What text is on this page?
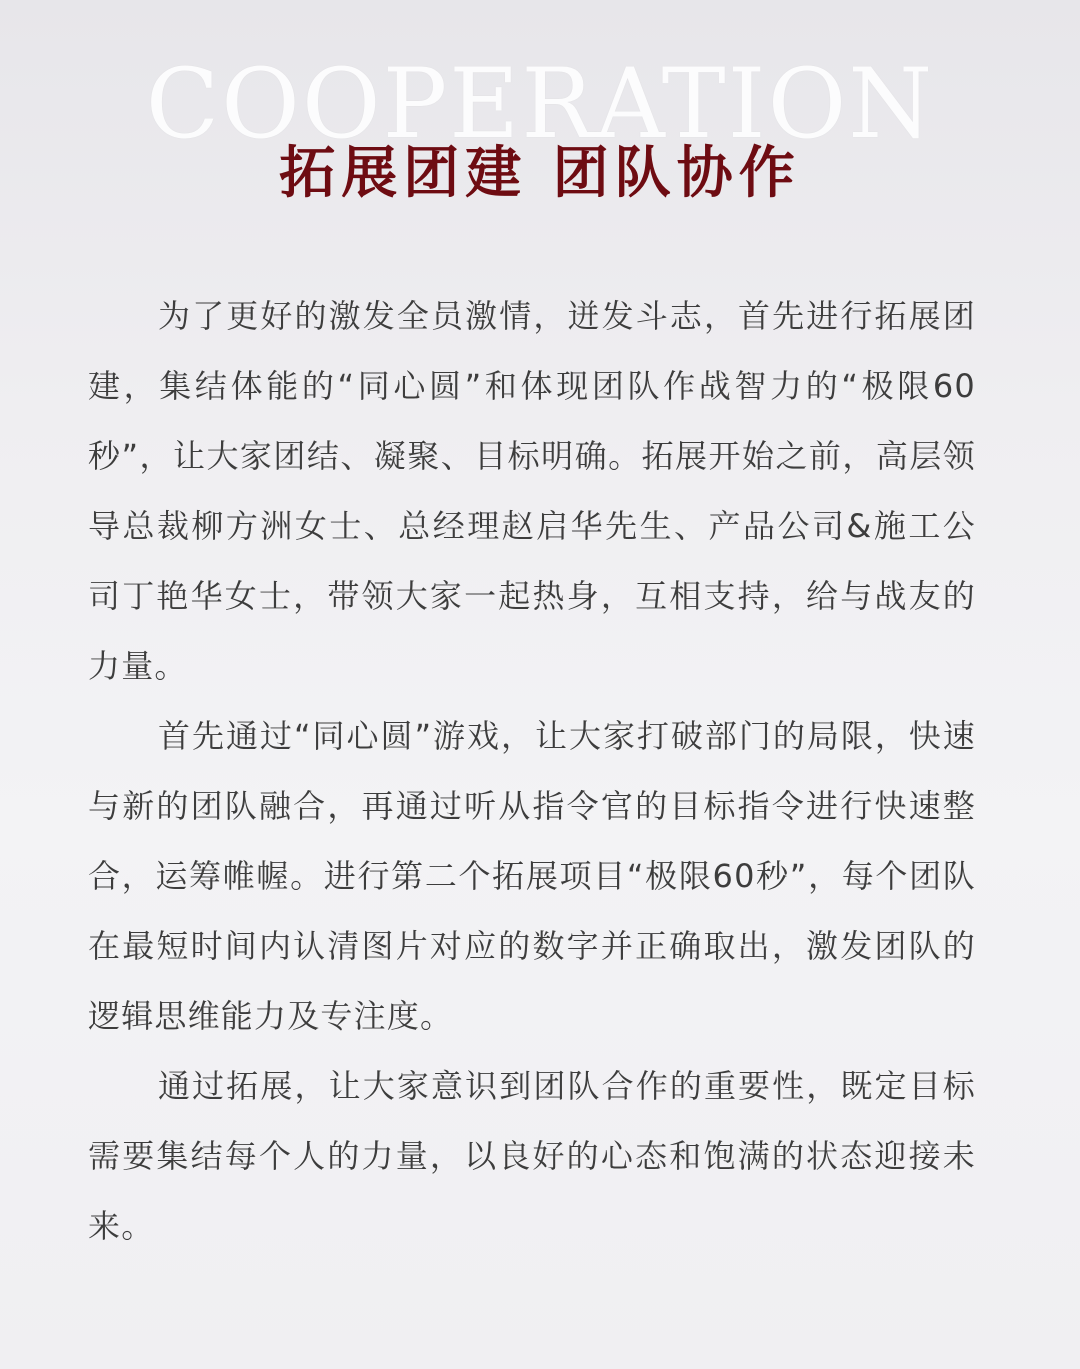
COOPERATION
拓展团建 团队协作

为了更好的激发全员激情，迸发斗志，首先进行拓展团建，集结体能的“同心圆”和体现团队作战智力的“极限60秒”，让大家团结、凝聚、目标明确。拓展开始之前，高层领导总裁柳方洲女士、总经理赵启华先生、产品公司&施工公司丁艳华女士，带领大家一起热身，互相支持，给与战友的力量。

首先通过“同心圆”游戏，让大家打破部门的局限，快速与新的团队融合，再通过听从指令官的目标指令进行快速整合，运筹帷幄。进行第二个拓展项目“极限60秒”，每个团队在最短时间内认清图片对应的数字并正确取出，激发团队的逻辑思维能力及专注度。

通过拓展，让大家意识到团队合作的重要性，既定目标需要集结每个人的力量，以良好的心态和饱满的状态迎接未来。
